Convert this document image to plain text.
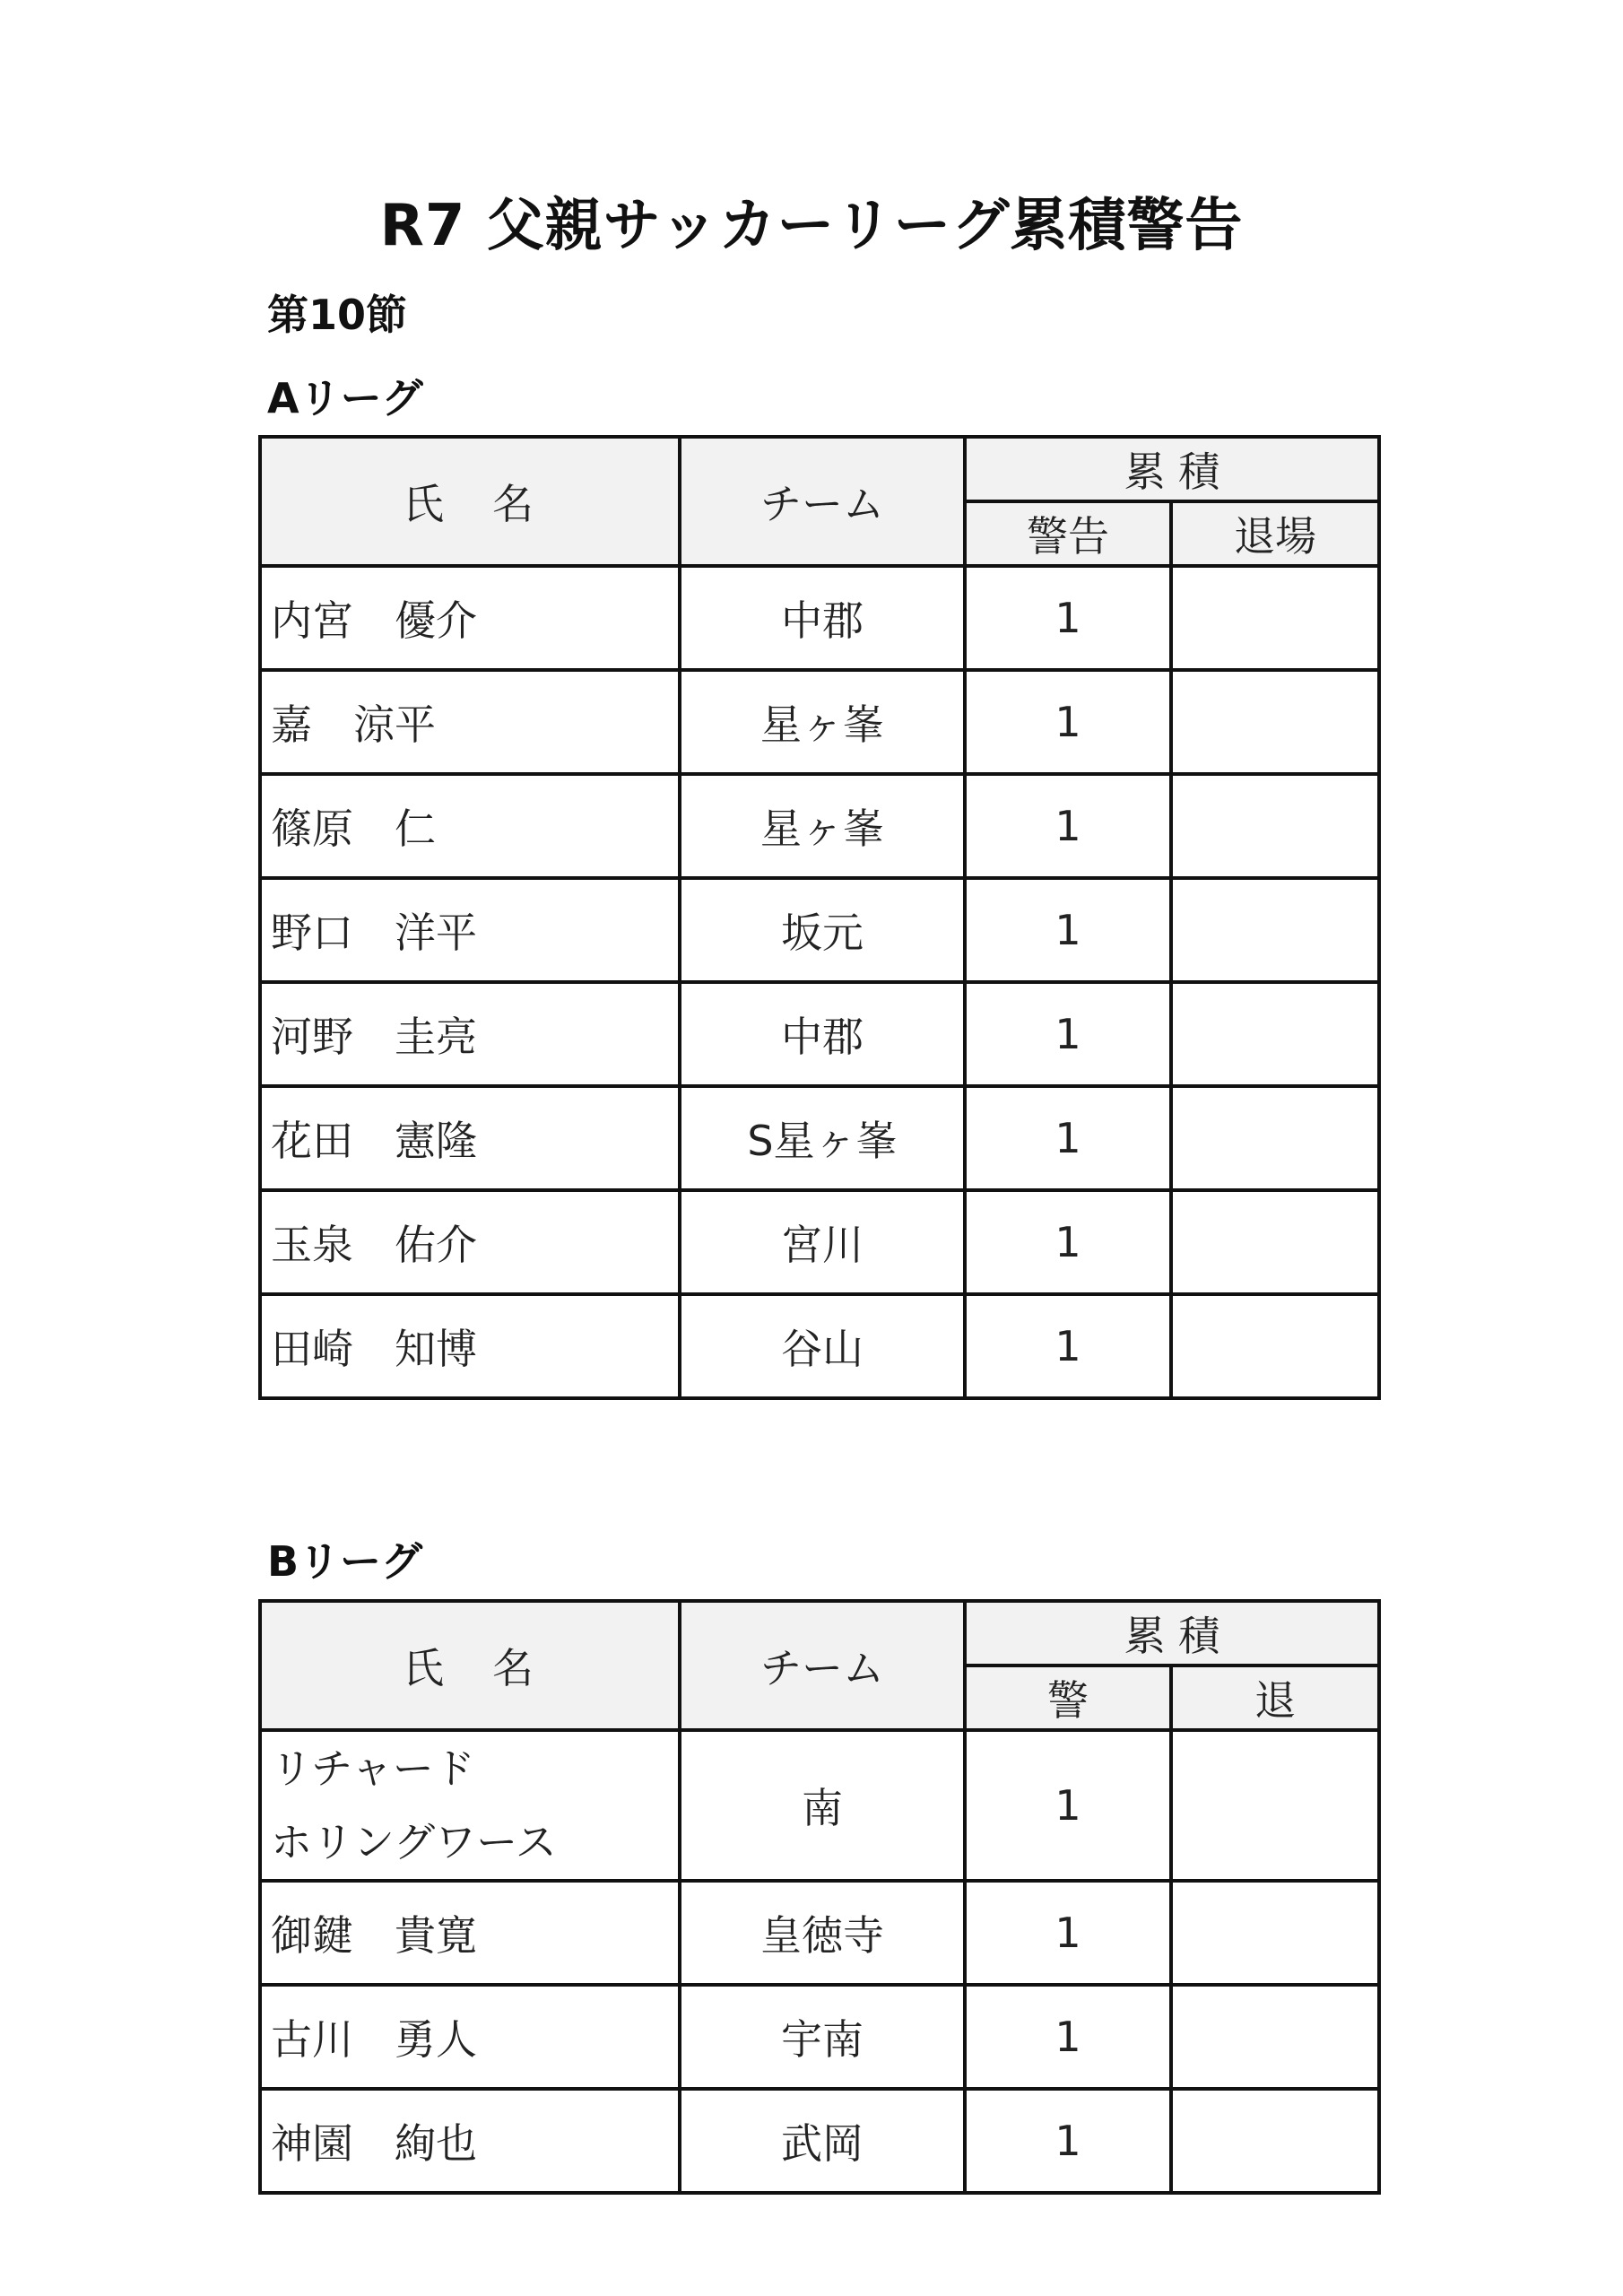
R7 父親サッカーリーグ累積警告
第10節
Aリーグ
氏　名	チーム	累 積	
		警告	退場
内宮　優介	中郡	1	
嘉　涼平	星ヶ峯	1	
篠原　仁	星ヶ峯	1	
野口　洋平	坂元	1	
河野　圭亮	中郡	1	
花田　憲隆	S星ヶ峯	1	
玉泉　佑介	宮川	1	
田崎　知博	谷山	1	
Bリーグ
氏　名	チーム	累 積	
		警	退

リチャード
ホリングワース	南	1	
御鍵　貴寛	皇徳寺	1	
古川　勇人	宇南	1	
神園　絢也	武岡	1	
